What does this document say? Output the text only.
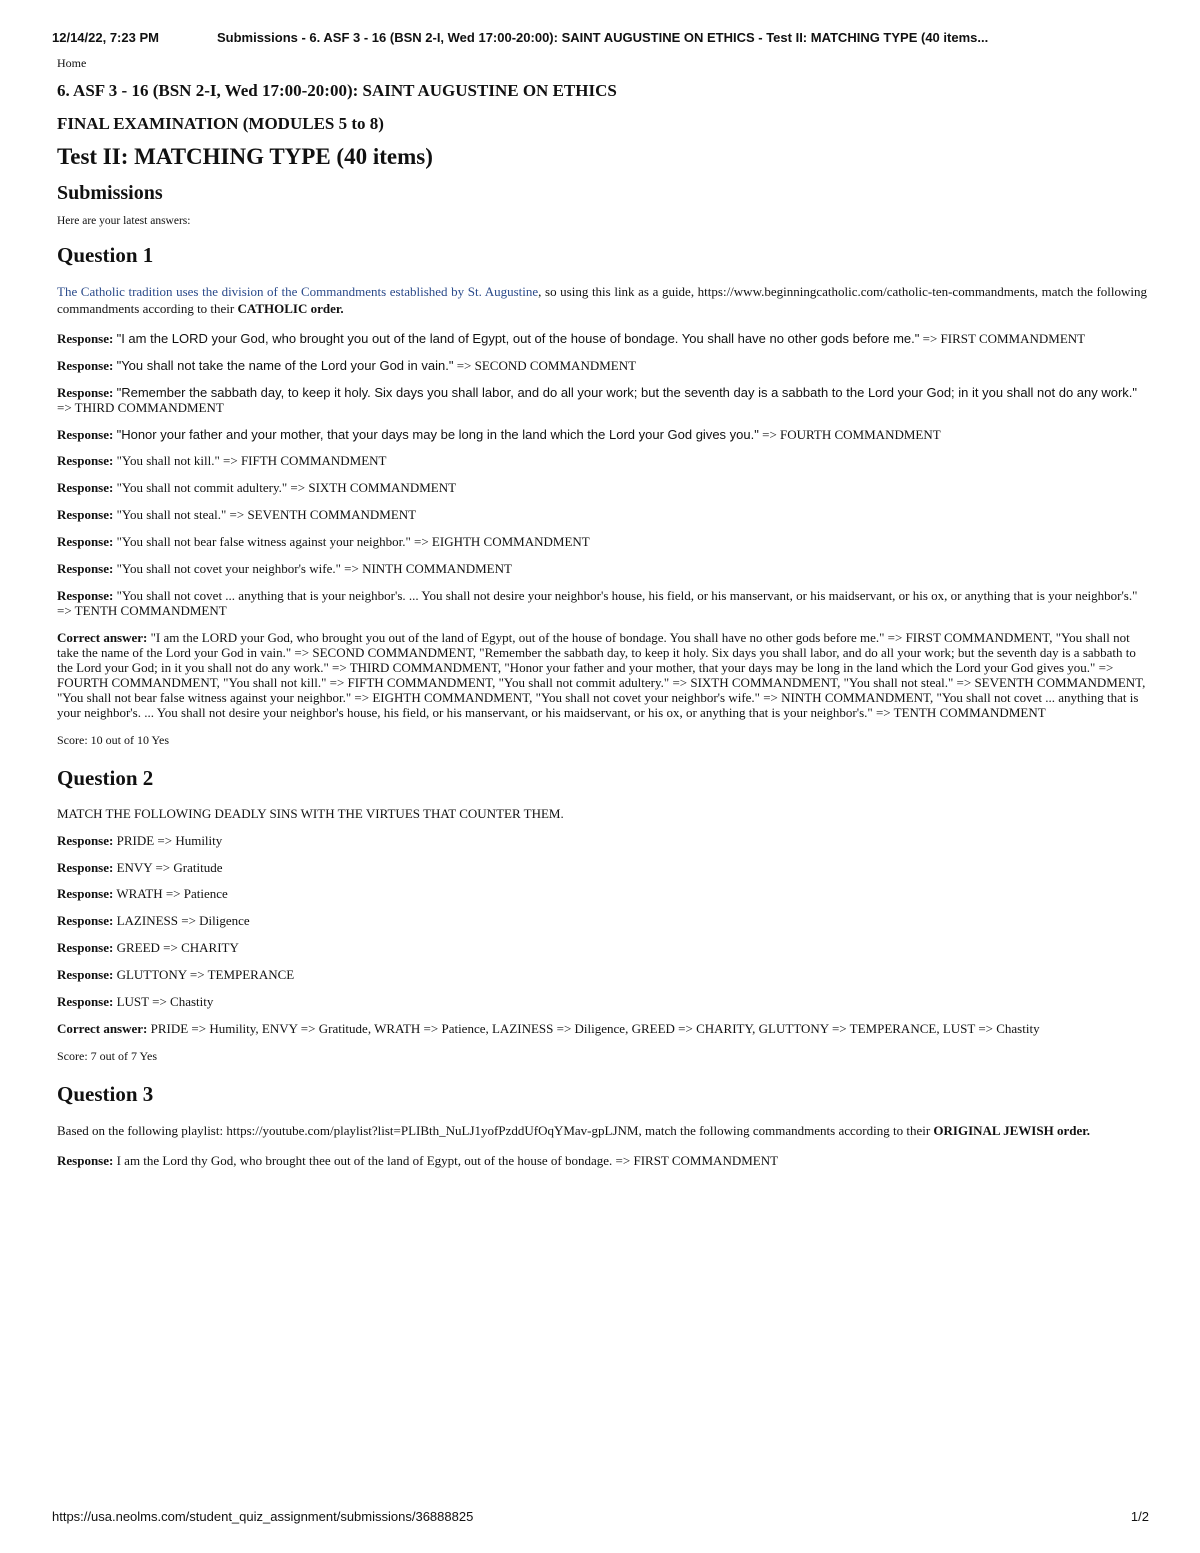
12/14/22, 7:23 PM	Submissions - 6. ASF 3 - 16 (BSN 2-I, Wed 17:00-20:00): SAINT AUGUSTINE ON ETHICS - Test II: MATCHING TYPE (40 items...
Home
6. ASF 3 - 16 (BSN 2-I, Wed 17:00-20:00): SAINT AUGUSTINE ON ETHICS
FINAL EXAMINATION (MODULES 5 to 8)
Test II: MATCHING TYPE (40 items)
Submissions
Here are your latest answers:
Question 1
The Catholic tradition uses the division of the Commandments established by St. Augustine, so using this link as a guide, https://www.beginningcatholic.com/catholic-ten-commandments, match the following commandments according to their CATHOLIC order.
Response: "I am the LORD your God, who brought you out of the land of Egypt, out of the house of bondage. You shall have no other gods before me." => FIRST COMMANDMENT
Response: "You shall not take the name of the Lord your God in vain." => SECOND COMMANDMENT
Response: "Remember the sabbath day, to keep it holy. Six days you shall labor, and do all your work; but the seventh day is a sabbath to the Lord your God; in it you shall not do any work." => THIRD COMMANDMENT
Response: "Honor your father and your mother, that your days may be long in the land which the Lord your God gives you." => FOURTH COMMANDMENT
Response: "You shall not kill." => FIFTH COMMANDMENT
Response: "You shall not commit adultery." => SIXTH COMMANDMENT
Response: "You shall not steal." => SEVENTH COMMANDMENT
Response: "You shall not bear false witness against your neighbor." => EIGHTH COMMANDMENT
Response: "You shall not covet your neighbor's wife." => NINTH COMMANDMENT
Response: "You shall not covet ... anything that is your neighbor's. ... You shall not desire your neighbor's house, his field, or his manservant, or his maidservant, or his ox, or anything that is your neighbor's." => TENTH COMMANDMENT
Correct answer: "I am the LORD your God, who brought you out of the land of Egypt, out of the house of bondage. You shall have no other gods before me." => FIRST COMMANDMENT, "You shall not take the name of the Lord your God in vain." => SECOND COMMANDMENT, "Remember the sabbath day, to keep it holy. Six days you shall labor, and do all your work; but the seventh day is a sabbath to the Lord your God; in it you shall not do any work." => THIRD COMMANDMENT, "Honor your father and your mother, that your days may be long in the land which the Lord your God gives you." => FOURTH COMMANDMENT, "You shall not kill." => FIFTH COMMANDMENT, "You shall not commit adultery." => SIXTH COMMANDMENT, "You shall not steal." => SEVENTH COMMANDMENT, "You shall not bear false witness against your neighbor." => EIGHTH COMMANDMENT, "You shall not covet your neighbor's wife." => NINTH COMMANDMENT, "You shall not covet ... anything that is your neighbor's. ... You shall not desire your neighbor's house, his field, or his manservant, or his maidservant, or his ox, or anything that is your neighbor's." => TENTH COMMANDMENT
Score: 10 out of 10 Yes
Question 2
MATCH THE FOLLOWING DEADLY SINS WITH THE VIRTUES THAT COUNTER THEM.
Response: PRIDE => Humility
Response: ENVY => Gratitude
Response: WRATH => Patience
Response: LAZINESS => Diligence
Response: GREED => CHARITY
Response: GLUTTONY => TEMPERANCE
Response: LUST => Chastity
Correct answer: PRIDE => Humility, ENVY => Gratitude, WRATH => Patience, LAZINESS => Diligence, GREED => CHARITY, GLUTTONY => TEMPERANCE, LUST => Chastity
Score: 7 out of 7 Yes
Question 3
Based on the following playlist: https://youtube.com/playlist?list=PLIBth_NuLJ1yofPzddUfOqYMav-gpLJNM, match the following commandments according to their ORIGINAL JEWISH order.
Response: I am the Lord thy God, who brought thee out of the land of Egypt, out of the house of bondage. => FIRST COMMANDMENT
https://usa.neolms.com/student_quiz_assignment/submissions/36888825	1/2
